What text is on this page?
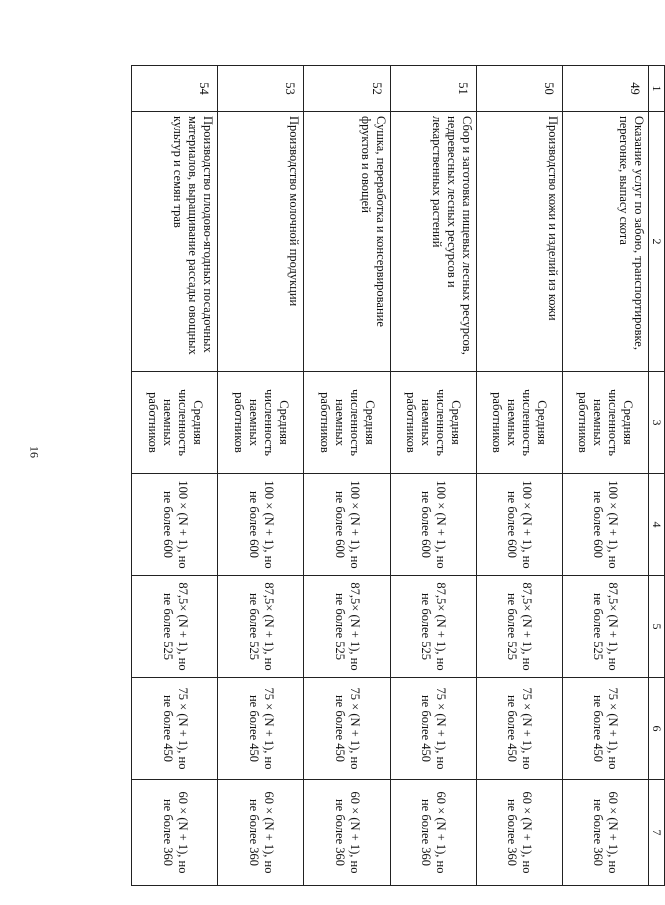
16
1	2	3	4	5	6	7
49	Оказание услуг по забою, транспортировке, перегонке, выпасу скота	Средняя численность наемных работников	100 × (N + 1), но не более 600	87,5× (N + 1), но не более 525	75 × (N + 1), но не более 450	60 × (N + 1), но не более 360
50	Производство кожи и изделий из кожи	Средняя численность наемных работников	100 × (N + 1), но не более 600	87,5× (N + 1), но не более 525	75 × (N + 1), но не более 450	60 × (N + 1), но не более 360
51	Сбор и заготовка пищевых лесных ресурсов, недревесных лесных ресурсов и лекарственных растений	Средняя численность наемных работников	100 × (N + 1), но не более 600	87,5× (N + 1), но не более 525	75 × (N + 1), но не более 450	60 × (N + 1), но не более 360
52	Сушка, переработка и консервирование фруктов и овощей	Средняя численность наемных работников	100 × (N + 1), но не более 600	87,5× (N + 1), но не более 525	75 × (N + 1), но не более 450	60 × (N + 1), но не более 360
53	Производство молочной продукции	Средняя численность наемных работников	100 × (N + 1), но не более 600	87,5× (N + 1), но не более 525	75 × (N + 1), но не более 450	60 × (N + 1), но не более 360
54	Производство плодово-ягодных посадочных материалов, выращивание рассады овощных культур и семян трав	Средняя численность наемных работников	100 × (N + 1), но не более 600	87,5× (N + 1), но не более 525	75 × (N + 1), но не более 450	60 × (N + 1), но не более 360
